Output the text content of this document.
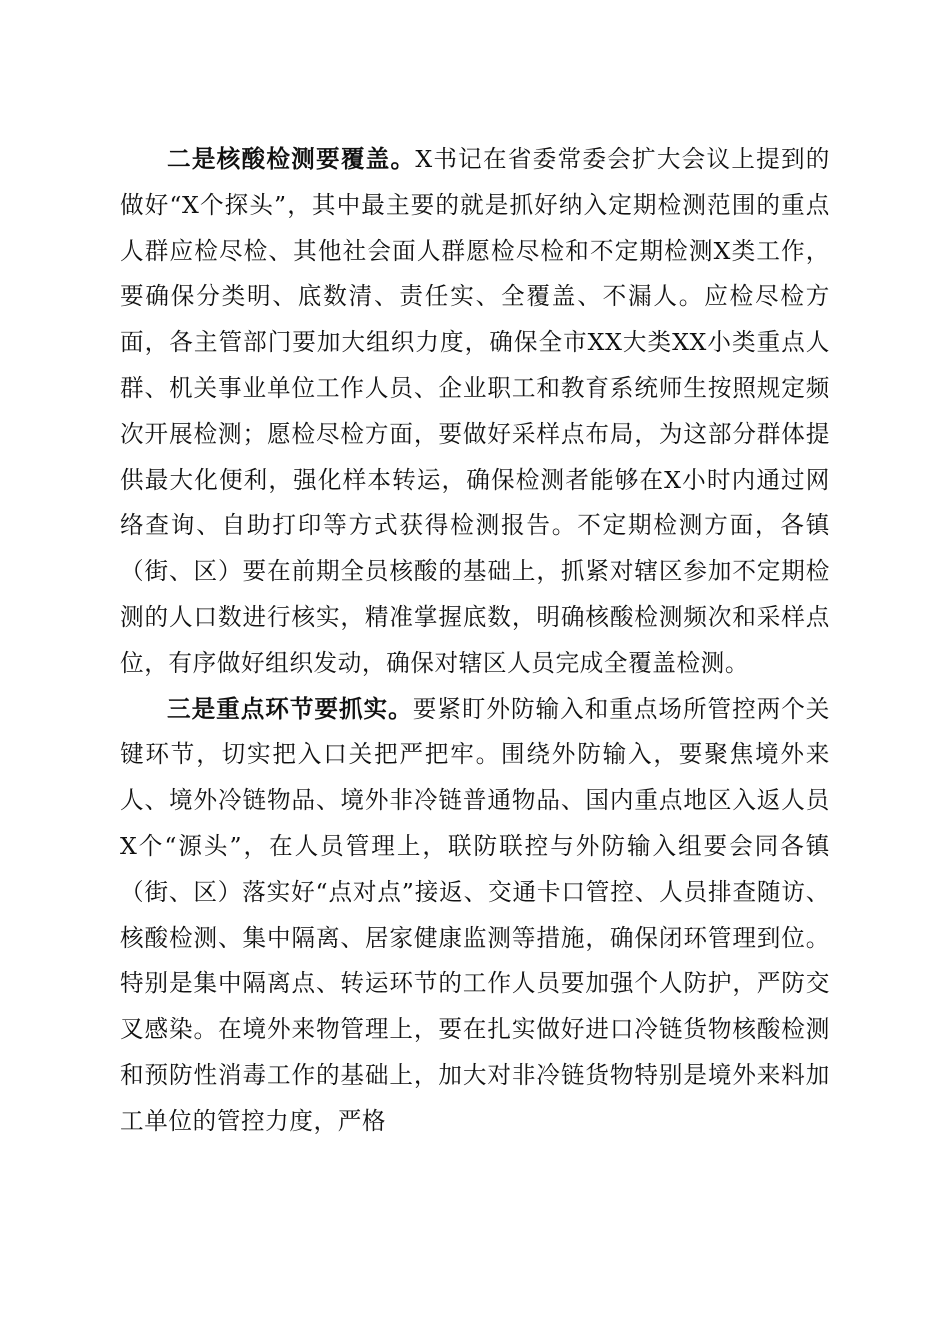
二是核酸检测要覆盖。X书记在省委常委会扩大会议上提到的做好“X个探头”，其中最主要的就是抓好纳入定期检测范围的重点人群应检尽检、其他社会面人群愿检尽检和不定期检测X类工作，要确保分类明、底数清、责任实、全覆盖、不漏人。应检尽检方面，各主管部门要加大组织力度，确保全市XX大类XX小类重点人群、机关事业单位工作人员、企业职工和教育系统师生按照规定频次开展检测；愿检尽检方面，要做好采样点布局，为这部分群体提供最大化便利，强化样本转运，确保检测者能够在X小时内通过网络查询、自助打印等方式获得检测报告。不定期检测方面，各镇（街、区）要在前期全员核酸的基础上，抓紧对辖区参加不定期检测的人口数进行核实，精准掌握底数，明确核酸检测频次和采样点位，有序做好组织发动，确保对辖区人员完成全覆盖检测。

三是重点环节要抓实。要紧盯外防输入和重点场所管控两个关键环节，切实把入口关把严把牢。围绕外防输入，要聚焦境外来人、境外冷链物品、境外非冷链普通物品、国内重点地区入返人员X个“源头”，在人员管理上，联防联控与外防输入组要会同各镇（街、区）落实好“点对点”接返、交通卡口管控、人员排查随访、核酸检测、集中隔离、居家健康监测等措施，确保闭环管理到位。特别是集中隔离点、转运环节的工作人员要加强个人防护，严防交叉感染。在境外来物管理上，要在扎实做好进口冷链货物核酸检测和预防性消毒工作的基础上，加大对非冷链货物特别是境外来料加工单位的管控力度，严格
